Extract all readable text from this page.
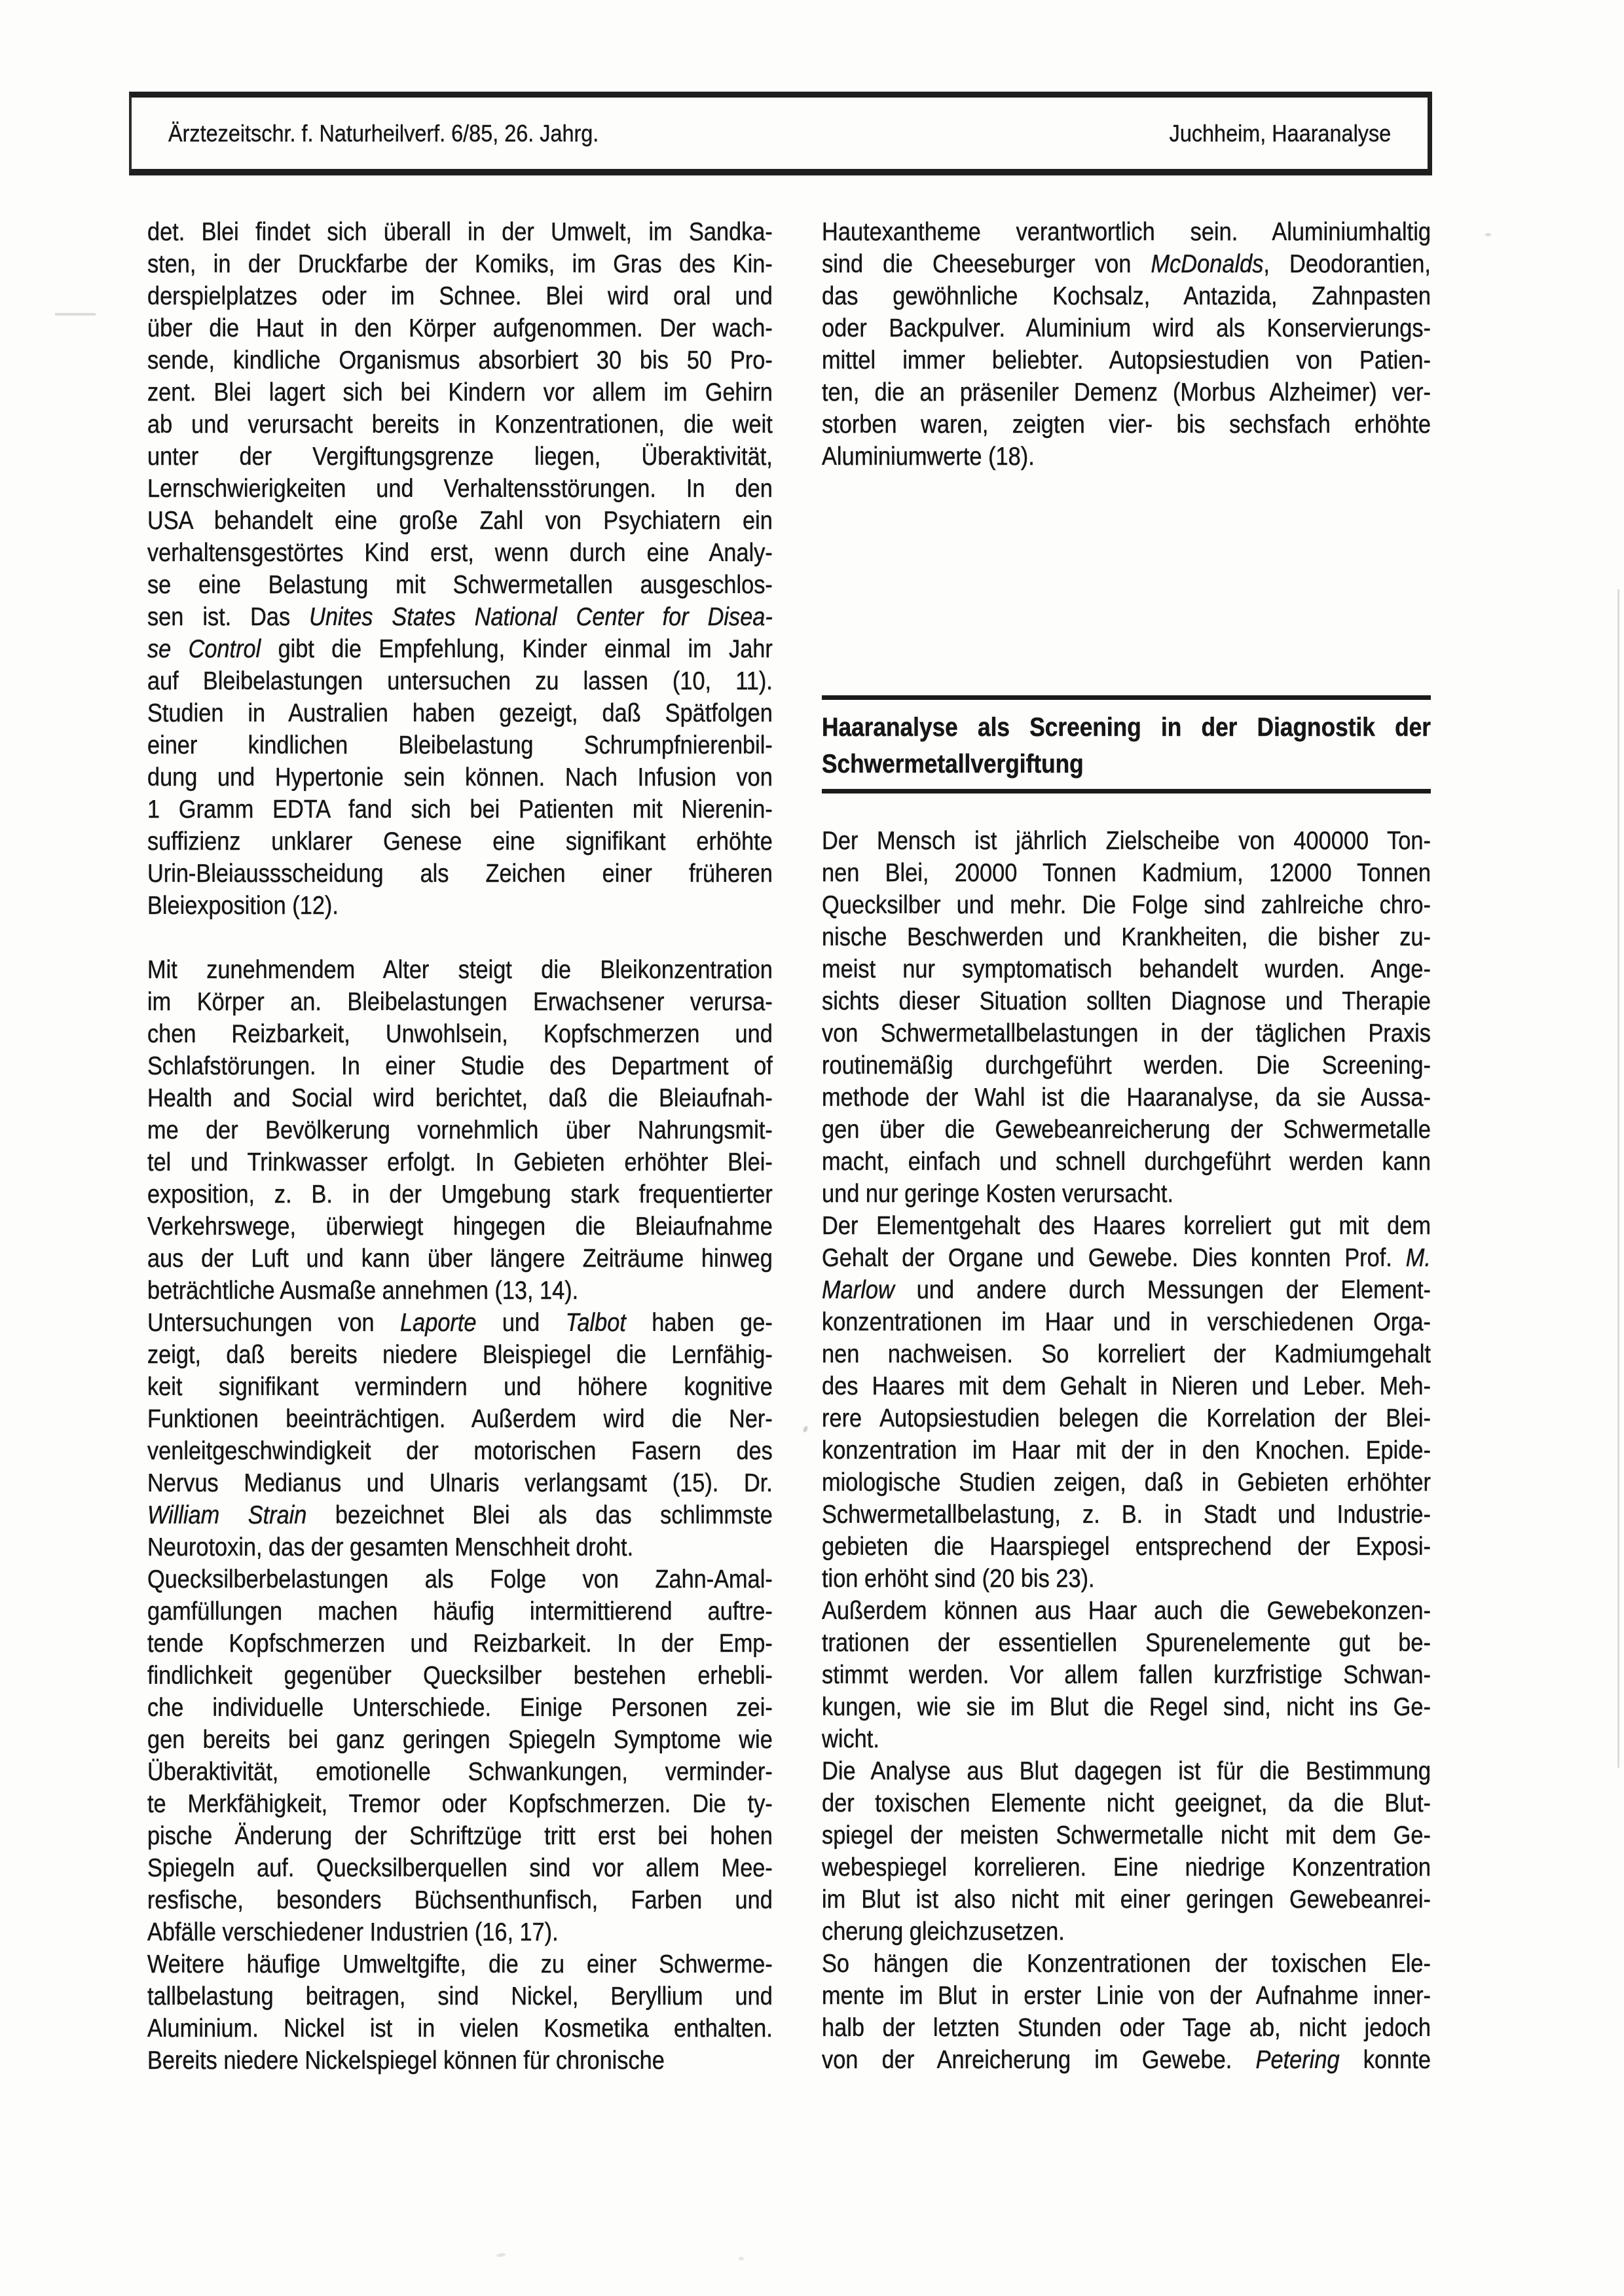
Ärztezeitschr. f. Naturheilverf. 6/85, 26. Jahrg.	Juchheim, Haaranalyse
det. Blei findet sich überall in der Umwelt, im Sandka-
sten, in der Druckfarbe der Komiks, im Gras des Kin-
derspielplatzes oder im Schnee. Blei wird oral und
über die Haut in den Körper aufgenommen. Der wach-
sende, kindliche Organismus absorbiert 30 bis 50 Pro-
zent. Blei lagert sich bei Kindern vor allem im Gehirn
ab und verursacht bereits in Konzentrationen, die weit
unter der Vergiftungsgrenze liegen, Überaktivität,
Lernschwierigkeiten und Verhaltensstörungen. In den
USA behandelt eine große Zahl von Psychiatern ein
verhaltensgestörtes Kind erst, wenn durch eine Analy-
se eine Belastung mit Schwermetallen ausgeschlos-
sen ist. Das Unites States National Center for Disea-
se Control gibt die Empfehlung, Kinder einmal im Jahr
auf Bleibelastungen untersuchen zu lassen (10, 11).
Studien in Australien haben gezeigt, daß Spätfolgen
einer kindlichen Bleibelastung Schrumpfnierenbil-
dung und Hypertonie sein können. Nach Infusion von
1 Gramm EDTA fand sich bei Patienten mit Nierenin-
suffizienz unklarer Genese eine signifikant erhöhte
Urin-Bleiaussscheidung als Zeichen einer früheren
Bleiexposition (12).
Mit zunehmendem Alter steigt die Bleikonzentration
im Körper an. Bleibelastungen Erwachsener verursa-
chen Reizbarkeit, Unwohlsein, Kopfschmerzen und
Schlafstörungen. In einer Studie des Department of
Health and Social wird berichtet, daß die Bleiaufnah-
me der Bevölkerung vornehmlich über Nahrungsmit-
tel und Trinkwasser erfolgt. In Gebieten erhöhter Blei-
exposition, z. B. in der Umgebung stark frequentierter
Verkehrswege, überwiegt hingegen die Bleiaufnahme
aus der Luft und kann über längere Zeiträume hinweg
beträchtliche Ausmaße annehmen (13, 14).
Untersuchungen von Laporte und Talbot haben ge-
zeigt, daß bereits niedere Bleispiegel die Lernfähig-
keit signifikant vermindern und höhere kognitive
Funktionen beeinträchtigen. Außerdem wird die Ner-
venleitgeschwindigkeit der motorischen Fasern des
Nervus Medianus und Ulnaris verlangsamt (15). Dr.
William Strain bezeichnet Blei als das schlimmste
Neurotoxin, das der gesamten Menschheit droht.
Quecksilberbelastungen als Folge von Zahn-Amal-
gamfüllungen machen häufig intermittierend auftre-
tende Kopfschmerzen und Reizbarkeit. In der Emp-
findlichkeit gegenüber Quecksilber bestehen erhebli-
che individuelle Unterschiede. Einige Personen zei-
gen bereits bei ganz geringen Spiegeln Symptome wie
Überaktivität, emotionelle Schwankungen, verminder-
te Merkfähigkeit, Tremor oder Kopfschmerzen. Die ty-
pische Änderung der Schriftzüge tritt erst bei hohen
Spiegeln auf. Quecksilberquellen sind vor allem Mee-
resfische, besonders Büchsenthunfisch, Farben und
Abfälle verschiedener Industrien (16, 17).
Weitere häufige Umweltgifte, die zu einer Schwerme-
tallbelastung beitragen, sind Nickel, Beryllium und
Aluminium. Nickel ist in vielen Kosmetika enthalten.
Bereits niedere Nickelspiegel können für chronische
Hautexantheme verantwortlich sein. Aluminiumhaltig
sind die Cheeseburger von McDonalds, Deodorantien,
das gewöhnliche Kochsalz, Antazida, Zahnpasten
oder Backpulver. Aluminium wird als Konservierungs-
mittel immer beliebter. Autopsiestudien von Patien-
ten, die an präseniler Demenz (Morbus Alzheimer) ver-
storben waren, zeigten vier- bis sechsfach erhöhte
Aluminiumwerte (18).
Haaranalyse als Screening in der Diagnostik der
Schwermetallvergiftung
Der Mensch ist jährlich Zielscheibe von 400000 Ton-
nen Blei, 20000 Tonnen Kadmium, 12000 Tonnen
Quecksilber und mehr. Die Folge sind zahlreiche chro-
nische Beschwerden und Krankheiten, die bisher zu-
meist nur symptomatisch behandelt wurden. Ange-
sichts dieser Situation sollten Diagnose und Therapie
von Schwermetallbelastungen in der täglichen Praxis
routinemäßig durchgeführt werden. Die Screening-
methode der Wahl ist die Haaranalyse, da sie Aussa-
gen über die Gewebeanreicherung der Schwermetalle
macht, einfach und schnell durchgeführt werden kann
und nur geringe Kosten verursacht.
Der Elementgehalt des Haares korreliert gut mit dem
Gehalt der Organe und Gewebe. Dies konnten Prof. M.
Marlow und andere durch Messungen der Element-
konzentrationen im Haar und in verschiedenen Orga-
nen nachweisen. So korreliert der Kadmiumgehalt
des Haares mit dem Gehalt in Nieren und Leber. Meh-
rere Autopsiestudien belegen die Korrelation der Blei-
konzentration im Haar mit der in den Knochen. Epide-
miologische Studien zeigen, daß in Gebieten erhöhter
Schwermetallbelastung, z. B. in Stadt und Industrie-
gebieten die Haarspiegel entsprechend der Exposi-
tion erhöht sind (20 bis 23).
Außerdem können aus Haar auch die Gewebekonzen-
trationen der essentiellen Spurenelemente gut be-
stimmt werden. Vor allem fallen kurzfristige Schwan-
kungen, wie sie im Blut die Regel sind, nicht ins Ge-
wicht.
Die Analyse aus Blut dagegen ist für die Bestimmung
der toxischen Elemente nicht geeignet, da die Blut-
spiegel der meisten Schwermetalle nicht mit dem Ge-
webespiegel korrelieren. Eine niedrige Konzentration
im Blut ist also nicht mit einer geringen Gewebeanrei-
cherung gleichzusetzen.
So hängen die Konzentrationen der toxischen Ele-
mente im Blut in erster Linie von der Aufnahme inner-
halb der letzten Stunden oder Tage ab, nicht jedoch
von der Anreicherung im Gewebe. Petering konnte
